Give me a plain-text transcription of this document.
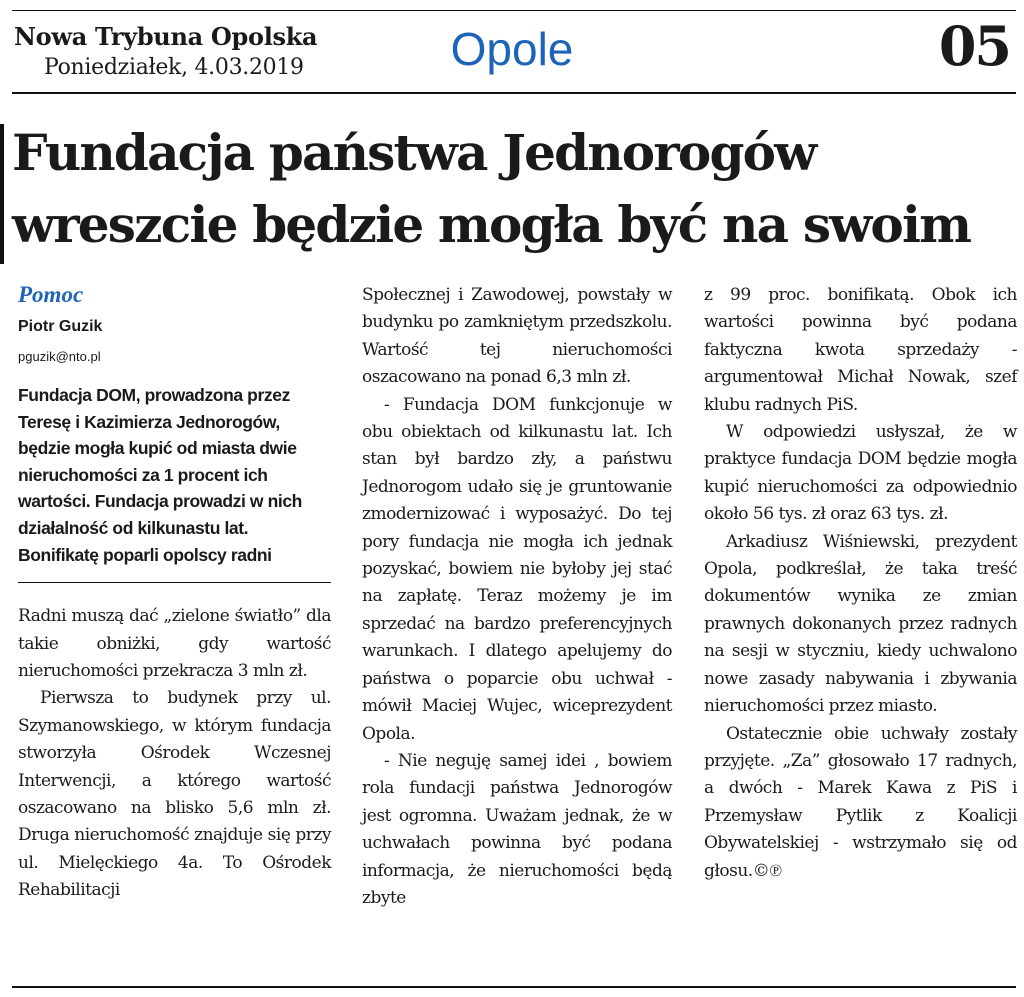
Nowa Trybuna Opolska
Poniedziałek, 4.03.2019	Opole	05
Fundacja państwa Jednorogów wreszcie będzie mogła być na swoim
Pomoc
Piotr Guzik
pguzik@nto.pl
Fundacja DOM, prowadzona przez Teresę i Kazimierza Jednorogów, będzie mogła kupić od miasta dwie nieruchomości za 1 procent ich wartości. Fundacja prowadzi w nich działalność od kilkunastu lat. Bonifikatę poparli opolscy radni

Radni muszą dać „zielone światło” dla takie obniżki, gdy wartość nieruchomości przekracza 3 mln zł.

Pierwsza to budynek przy ul. Szymanowskiego, w którym fundacja stworzyła Ośrodek Wczesnej Interwencji, a którego wartość oszacowano na blisko 5,6 mln zł. Druga nieruchomość znajduje się przy ul. Mielęckiego 4a. To Ośrodek Rehabilitacji

Społecznej i Zawodowej, powstały w budynku po zamkniętym przedszkolu. Wartość tej nieruchomości oszacowano na ponad 6,3 mln zł.

- Fundacja DOM funkcjonuje w obu obiektach od kilkunastu lat. Ich stan był bardzo zły, a państwu Jednorogom udało się je gruntowanie zmodernizować i wyposażyć. Do tej pory fundacja nie mogła ich jednak pozyskać, bowiem nie byłoby jej stać na zapłatę. Teraz możemy je im sprzedać na bardzo preferencyjnych warunkach. I dlatego apelujemy do państwa o poparcie obu uchwał - mówił Maciej Wujec, wiceprezydent Opola.

- Nie neguję samej idei , bowiem rola fundacji państwa Jednorogów jest ogromna. Uważam jednak, że w uchwałach powinna być podana informacja, że nieruchomości będą zbyte

z 99 proc. bonifikatą. Obok ich wartości powinna być podana faktyczna kwota sprzedaży - argumentował Michał Nowak, szef klubu radnych PiS.

W odpowiedzi usłyszał, że w praktyce fundacja DOM będzie mogła kupić nieruchomości za odpowiednio około 56 tys. zł oraz 63 tys. zł.

Arkadiusz Wiśniewski, prezydent Opola, podkreślał, że taka treść dokumentów wynika ze zmian prawnych dokonanych przez radnych na sesji w styczniu, kiedy uchwalono nowe zasady nabywania i zbywania nieruchomości przez miasto.

Ostatecznie obie uchwały zostały przyjęte. „Za” głosowało 17 radnych, a dwóch - Marek Kawa z PiS i Przemysław Pytlik z Koalicji Obywatelskiej - wstrzymało się od głosu.©℗
